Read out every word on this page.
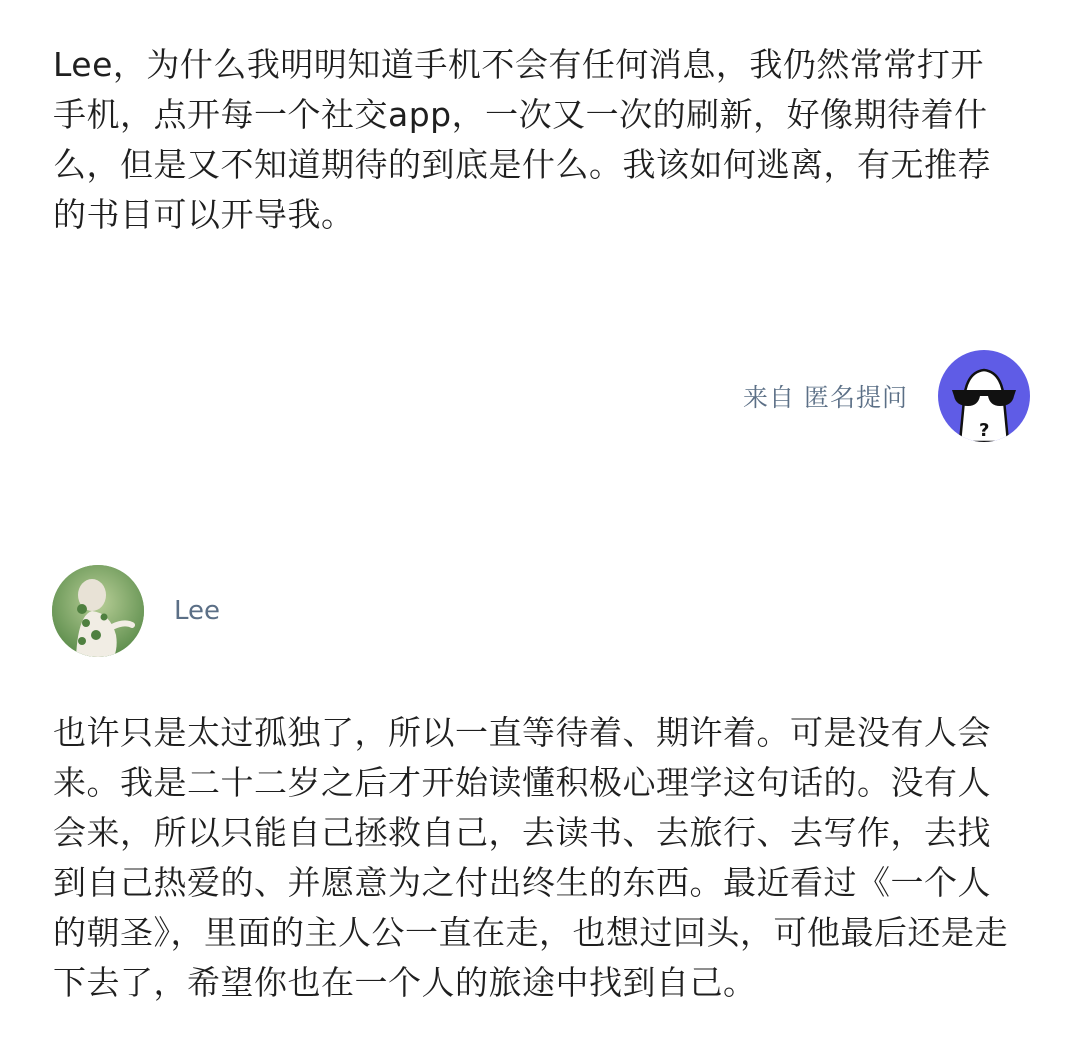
Lee，为什么我明明知道手机不会有任何消息，我仍然常常打开手机，点开每一个社交app，一次又一次的刷新，好像期待着什么，但是又不知道期待的到底是什么。我该如何逃离，有无推荐的书目可以开导我。
来自 匿名提问
?
Lee
也许只是太过孤独了，所以一直等待着、期许着。可是没有人会来。我是二十二岁之后才开始读懂积极心理学这句话的。没有人会来，所以只能自己拯救自己，去读书、去旅行、去写作，去找到自己热爱的、并愿意为之付出终生的东西。最近看过《一个人的朝圣》，里面的主人公一直在走，也想过回头，可他最后还是走下去了，希望你也在一个人的旅途中找到自己。
